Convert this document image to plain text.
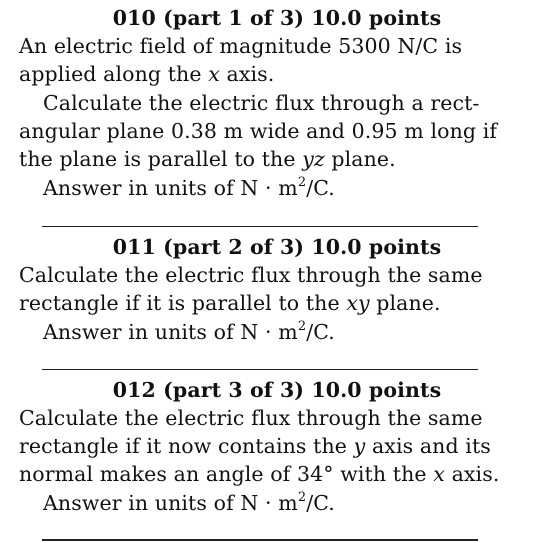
010 (part 1 of 3) 10.0 points
An electric field of magnitude 5300 N/C is
applied along the x axis.
Calculate the electric flux through a rect-
angular plane 0.38 m wide and 0.95 m long if
the plane is parallel to the yz plane.
Answer in units of $N \cdot m^2/C$.
011 (part 2 of 3) 10.0 points
Calculate the electric flux through the same
rectangle if it is parallel to the xy plane.
Answer in units of $N \cdot m^2/C$.
012 (part 3 of 3) 10.0 points
Calculate the electric flux through the same
rectangle if it now contains the y axis and its
normal makes an angle of 34° with the x axis.
Answer in units of $N \cdot m^2/C$.
